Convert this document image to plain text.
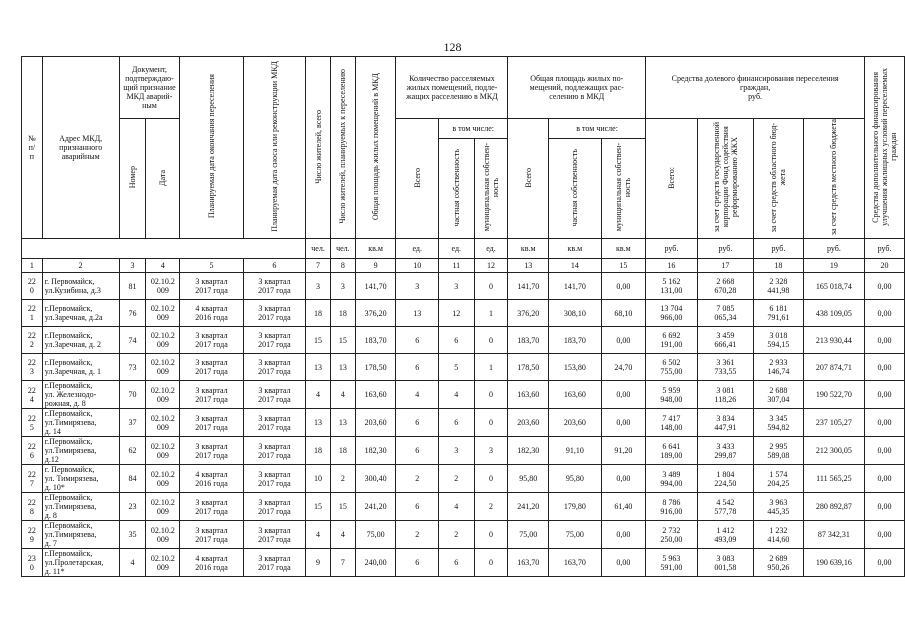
128
№
п/
п	Адрес МКД,
признанного
аварийным	Документ,
подтверждаю-
щий признание
МКД аварий-
ным		Планируемая дата окончания переселения	Планируемая дата сноса или реконструкции МКД	Число жителей, всего	Число жителей, планируемых к переселению	Общая площадь жилых помещений в МКД	Количество расселяемых
жилых помещений, подле-
жащих расселению в МКД			Общая площадь жилых по-
мещений, подлежащих рас-
селению в МКД			Средства долевого финансирования переселения
граждан,
руб.				Средства дополнительного финансирования
улучшения жилищных условий переселяемых
граждан
		Номер	Дата						Всего	в том числе:		Всего	в том числе:		Всего:	за счет средств государственной
корпорации Фонд содействия
реформированию ЖКХ	за счет средств областного бюд-
жета	за счет средств местного бюджета	
										частная собственность	муниципальная собствен-
ность		частная собственность	муниципальная собствен-
ность					
						чел.	чел.	кв.м	ед.	ед.	ед.	кв.м	кв.м	кв.м	руб.	руб.	руб.	руб.	руб.
1	2	3	4	5	6	7	8	9	10	11	12	13	14	15	16	17	18	19	20
22
0	г. Первомайск,
ул.Кузибина, д.3	81	02.10.2
009	3 квартал
2017 года	3 квартал
2017 года	3	3	141,70	3	3	0	141,70	141,70	0,00	5 162
131,00	2 668
670,28	2 328
441,98	165 018,74	0,00
22
1	г.Первомайск,
ул.Заречная, д.2а	76	02.10.2
009	4 квартал
2016 года	3 квартал
2017 года	18	18	376,20	13	12	1	376,20	308,10	68,10	13 704
966,00	7 085
065,34	6 181
791,61	438 109,05	0,00
22
2	г.Первомайск,
ул.Заречная, д. 2	74	02.10.2
009	3 квартал
2017 года	3 квартал
2017 года	15	15	183,70	6	6	0	183,70	183,70	0,00	6 692
191,00	3 459
666,41	3 018
594,15	213 930,44	0,00
22
3	г.Первомайск,
ул.Заречная, д. 1	73	02.10.2
009	3 квартал
2017 года	3 квартал
2017 года	13	13	178,50	6	5	1	178,50	153,80	24,70	6 502
755,00	3 361
733,55	2 933
146,74	207 874,71	0,00
22
4	г.Первомайск,
ул. Железнодо-
рожная, д. 8	70	02.10.2
009	3 квартал
2017 года	3 квартал
2017 года	4	4	163,60	4	4	0	163,60	163,60	0,00	5 959
948,00	3 081
118,26	2 688
307,04	190 522,70	0,00
22
5	г.Первомайск,
ул.Тимирязева,
д. 14	37	02.10.2
009	3 квартал
2017 года	3 квартал
2017 года	13	13	203,60	6	6	0	203,60	203,60	0,00	7 417
148,00	3 834
447,91	3 345
594,82	237 105,27	0,00
22
6	г.Первомайск,
ул.Тимирязева,
д.12	62	02.10.2
009	3 квартал
2017 года	3 квартал
2017 года	18	18	182,30	6	3	3	182,30	91,10	91,20	6 641
189,00	3 433
299,87	2 995
589,08	212 300,05	0,00
22
7	г. Первомайск,
ул. Тимирязева,
д. 10*	84	02.10.2
009	4 квартал
2016 года	3 квартал
2017 года	10	2	300,40	2	2	0	95,80	95,80	0,00	3 489
994,00	1 804
224,50	1 574
204,25	111 565,25	0,00
22
8	г.Первомайск,
ул.Тимирязева,
д. 8	23	02.10.2
009	3 квартал
2017 года	3 квартал
2017 года	15	15	241,20	6	4	2	241,20	179,80	61,40	8 786
916,00	4 542
577,78	3 963
445,35	280 892,87	0,00
22
9	г.Первомайск,
ул.Тимирязева,
д. 7	35	02.10.2
009	3 квартал
2017 года	3 квартал
2017 года	4	4	75,00	2	2	0	75,00	75,00	0,00	2 732
250,00	1 412
493,09	1 232
414,60	87 342,31	0,00
23
0	г.Первомайск,
ул.Пролетарская,
д. 11*	4	02.10.2
009	4 квартал
2016 года	3 квартал
2017 года	9	7	240,00	6	6	0	163,70	163,70	0,00	5 963
591,00	3 083
001,58	2 689
950,26	190 639,16	0,00
